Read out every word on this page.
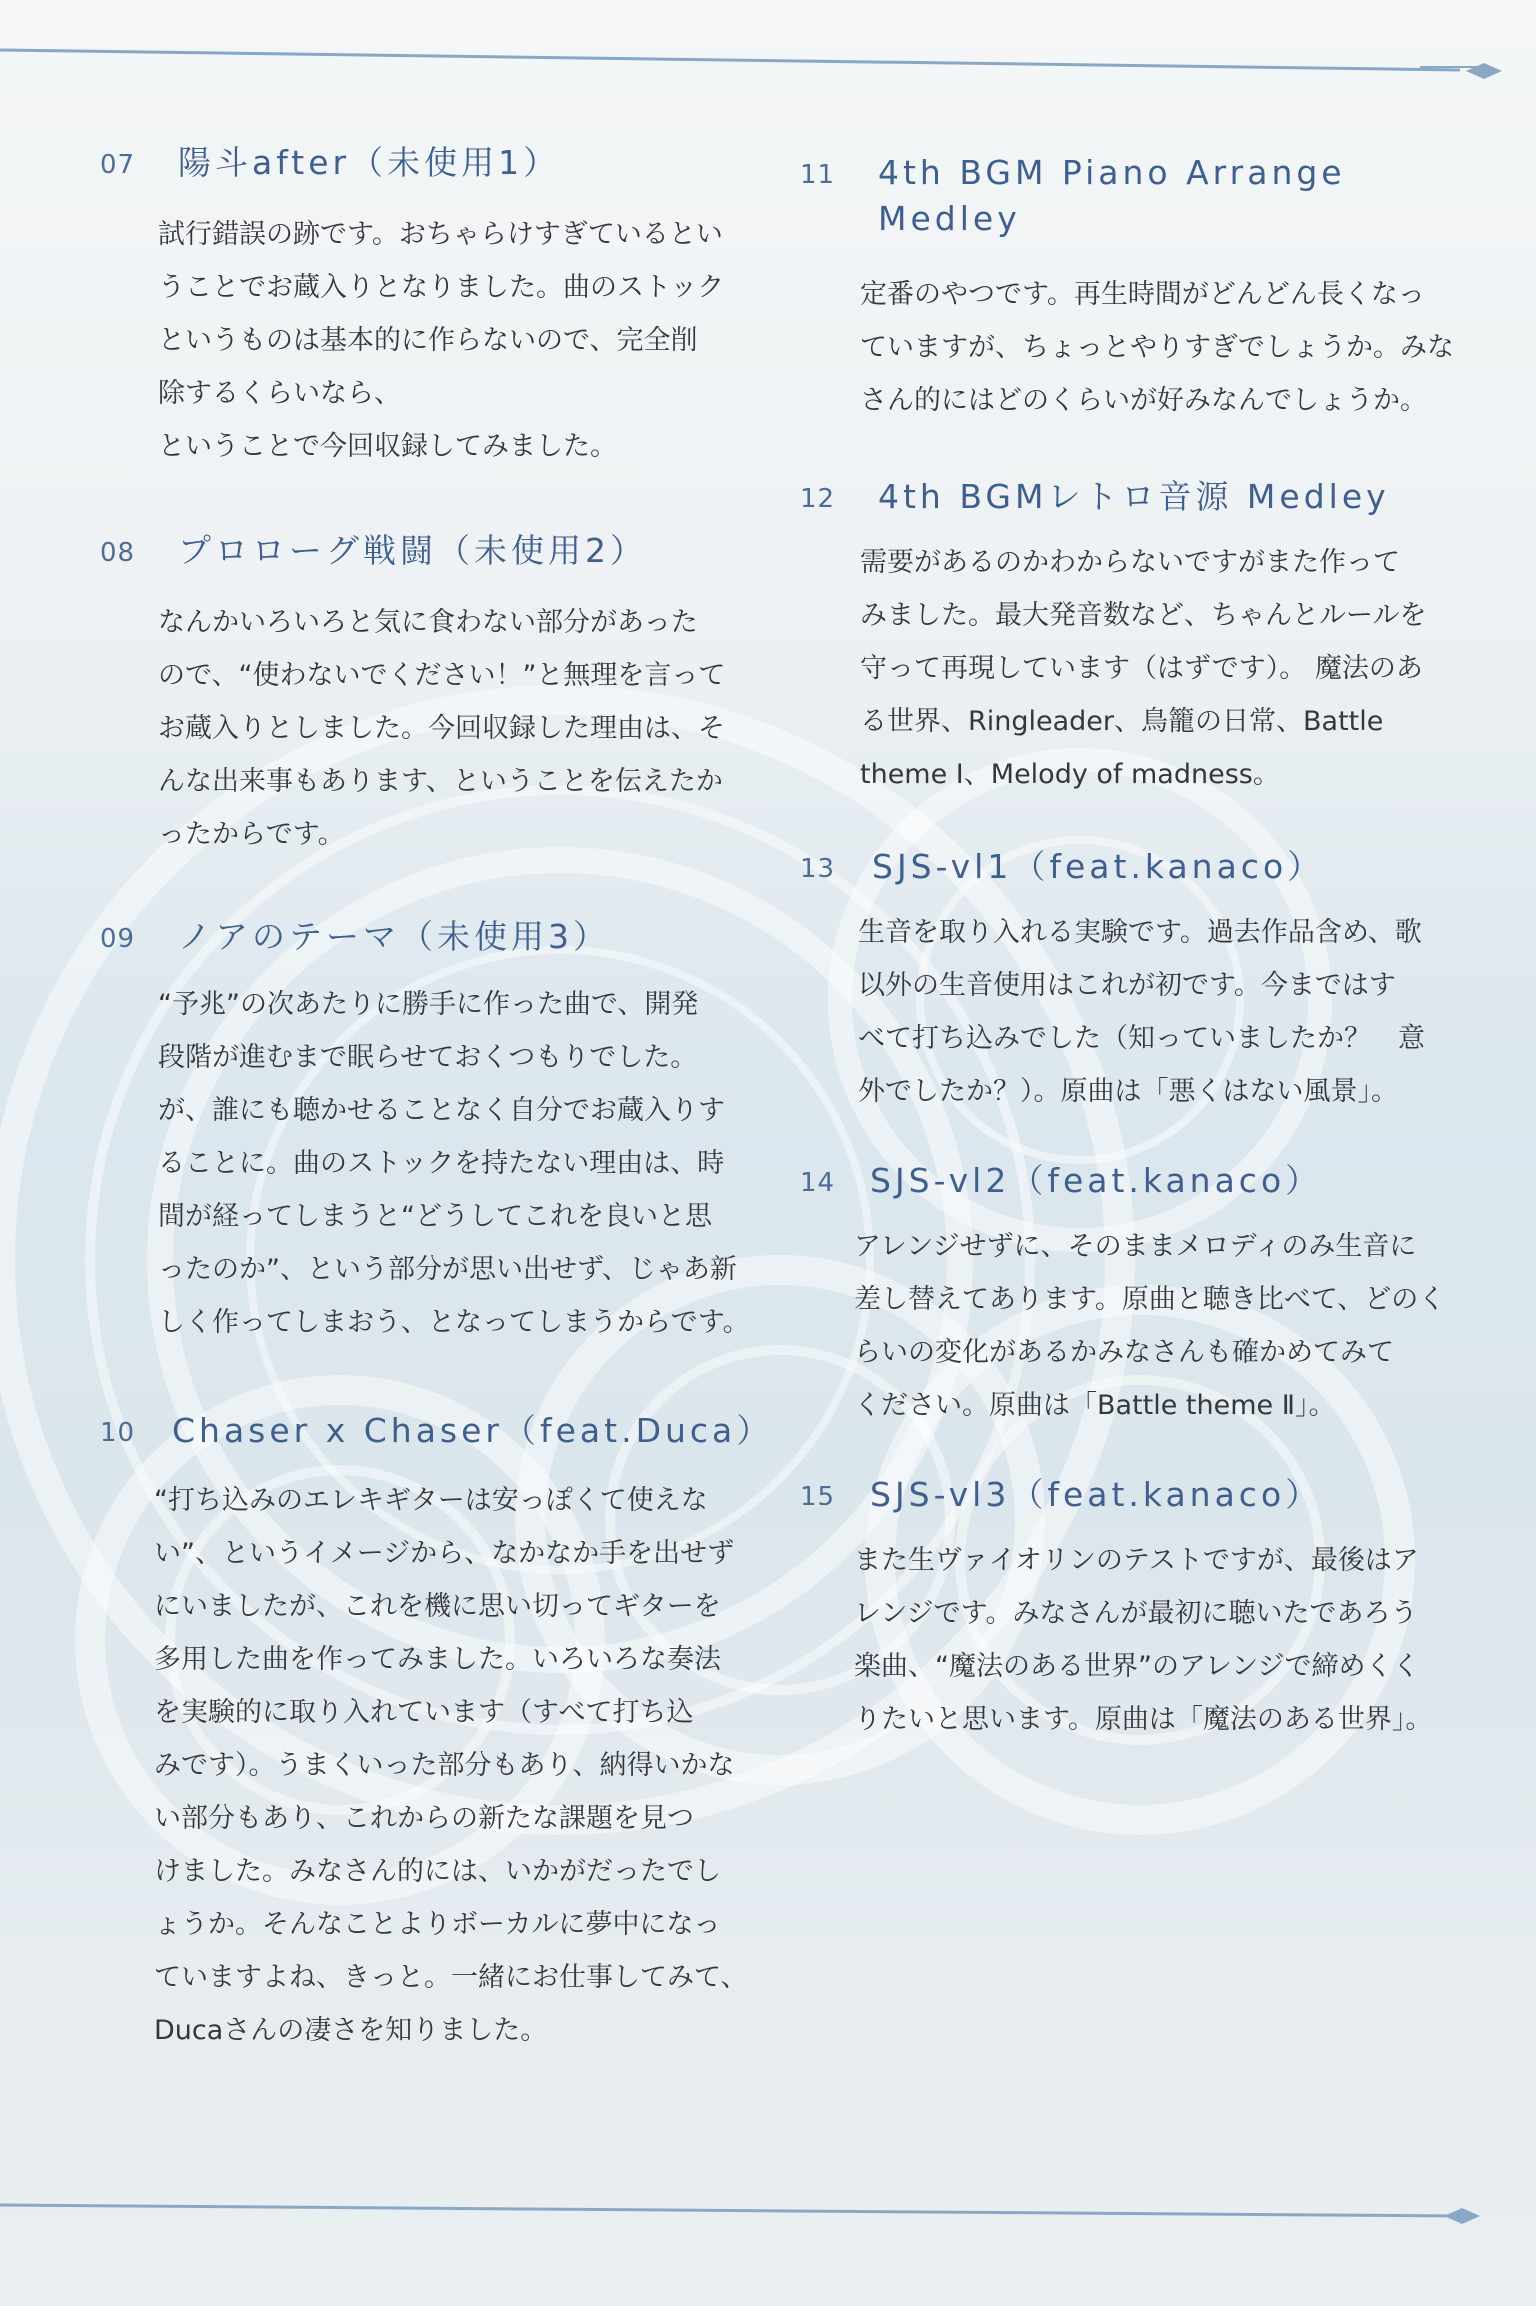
07 陽斗after（未使用1）

試行錯誤の跡です。おちゃらけすぎているとい

うことでお蔵入りとなりました。曲のストック

というものは基本的に作らないので、完全削

除するくらいなら、

ということで今回収録してみました。

08 プロローグ戦闘（未使用2）

なんかいろいろと気に食わない部分があった

ので、“使わないでください！”と無理を言って

お蔵入りとしました。今回収録した理由は、そ

んな出来事もあります、ということを伝えたか

ったからです。

09 ノアのテーマ（未使用3）

“予兆”の次あたりに勝手に作った曲で、開発

段階が進むまで眠らせておくつもりでした。

が、誰にも聴かせることなく自分でお蔵入りす

ることに。曲のストックを持たない理由は、時

間が経ってしまうと“どうしてこれを良いと思

ったのか”、という部分が思い出せず、じゃあ新

しく作ってしまおう、となってしまうからです。

10 Chaser x Chaser（feat.Duca）

“打ち込みのエレキギターは安っぽくて使えな

い”、というイメージから、なかなか手を出せず

にいましたが、これを機に思い切ってギターを

多用した曲を作ってみました。いろいろな奏法

を実験的に取り入れています（すべて打ち込

みです）。うまくいった部分もあり、納得いかな

い部分もあり、これからの新たな課題を見つ

けました。みなさん的には、いかがだったでし

ょうか。そんなことよりボーカルに夢中になっ

ていますよね、きっと。一緒にお仕事してみて、

Ducaさんの凄さを知りました。

11 4th BGM Piano Arrange
Medley

定番のやつです。再生時間がどんどん長くなっ

ていますが、ちょっとやりすぎでしょうか。みな

さん的にはどのくらいが好みなんでしょうか。

12 4th BGMレトロ音源 Medley

需要があるのかわからないですがまた作って

みました。最大発音数など、ちゃんとルールを

守って再現しています（はずです）。 魔法のあ

る世界、Ringleader、鳥籠の日常、Battle

theme Ⅰ、Melody of madness。

13 SJS-vl1（feat.kanaco）

生音を取り入れる実験です。過去作品含め、歌

以外の生音使用はこれが初です。今まではす

べて打ち込みでした（知っていましたか？　意

外でしたか？）。原曲は「悪くはない風景」。

14 SJS-vl2（feat.kanaco）

アレンジせずに、そのままメロディのみ生音に

差し替えてあります。原曲と聴き比べて、どのく

らいの変化があるかみなさんも確かめてみて

ください。原曲は「Battle theme Ⅱ」。

15 SJS-vl3（feat.kanaco）

また生ヴァイオリンのテストですが、最後はア

レンジです。みなさんが最初に聴いたであろう

楽曲、“魔法のある世界”のアレンジで締めくく

りたいと思います。原曲は「魔法のある世界」。
